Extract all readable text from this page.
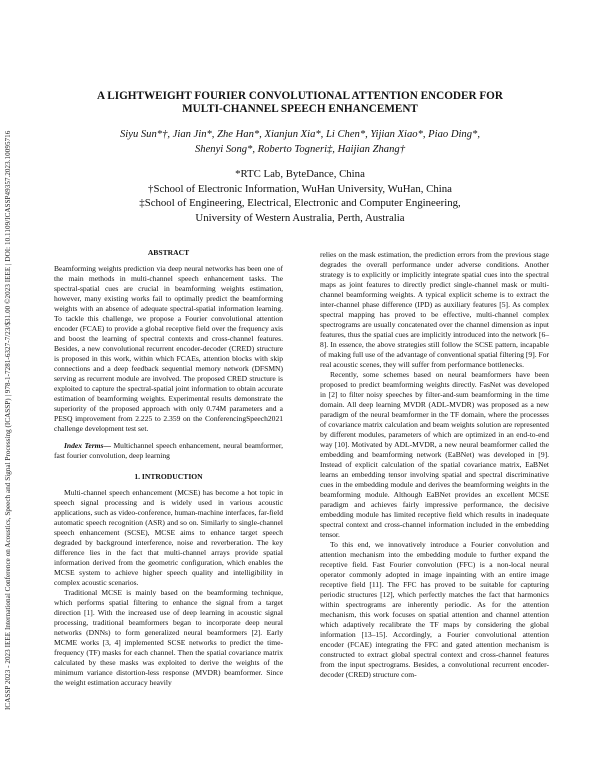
ICASSP 2023 - 2023 IEEE International Conference on Acoustics, Speech and Signal Processing (ICASSP) | 978-1-7281-6327-7/23/$31.00 ©2023 IEEE | DOI: 10.1109/ICASSP49357.2023.10095716
A LIGHTWEIGHT FOURIER CONVOLUTIONAL ATTENTION ENCODER FOR
MULTI-CHANNEL SPEECH ENHANCEMENT
Siyu Sun*†, Jian Jin*, Zhe Han*, Xianjun Xia*, Li Chen*, Yijian Xiao*, Piao Ding*,
Shenyi Song*, Roberto Togneri‡, Haijian Zhang†
*RTC Lab, ByteDance, China
†School of Electronic Information, WuHan University, WuHan, China
‡School of Engineering, Electrical, Electronic and Computer Engineering,
University of Western Australia, Perth, Australia
ABSTRACT

Beamforming weights prediction via deep neural networks has been one of the main methods in multi-channel speech enhancement tasks. The spectral-spatial cues are crucial in beamforming weights estimation, however, many existing works fail to optimally predict the beamforming weights with an absence of adequate spectral-spatial information learning. To tackle this challenge, we propose a Fourier convolutional attention encoder (FCAE) to provide a global receptive field over the frequency axis and boost the learning of spectral contexts and cross-channel features. Besides, a new convolutional recurrent encoder-decoder (CRED) structure is proposed in this work, within which FCAEs, attention blocks with skip connections and a deep feedback sequential memory network (DFSMN) serving as recurrent module are involved. The proposed CRED structure is exploited to capture the spectral-spatial joint information to obtain accurate estimation of beamforming weights. Experimental results demonstrate the superiority of the proposed approach with only 0.74M parameters and a PESQ improvement from 2.225 to 2.359 on the ConferencingSpeech2021 challenge development test set.

Index Terms— Multichannel speech enhancement, neural beamformer, fast fourier convolution, deep learning

1. INTRODUCTION

Multi-channel speech enhancement (MCSE) has become a hot topic in speech signal processing and is widely used in various acoustic applications, such as video-conference, human-machine interfaces, far-field automatic speech recognition (ASR) and so on. Similarly to single-channel speech enhancement (SCSE), MCSE aims to enhance target speech degraded by background interference, noise and reverberation. The key difference lies in the fact that multi-channel arrays provide spatial information derived from the geometric configuration, which enables the MCSE system to achieve higher speech quality and intelligibility in complex acoustic scenarios.

Traditional MCSE is mainly based on the beamforming technique, which performs spatial filtering to enhance the signal from a target direction [1]. With the increased use of deep learning in acoustic signal processing, traditional beamformers began to incorporate deep neural networks (DNNs) to form generalized neural beamformers [2]. Early MCME works [3, 4] implemented SCSE networks to predict the time-frequency (TF) masks for each channel. Then the spatial covariance matrix calculated by these masks was exploited to derive the weights of the minimum variance distortion-less response (MVDR) beamformer. Since the weight estimation accuracy heavily

relies on the mask estimation, the prediction errors from the previous stage degrades the overall performance under adverse conditions. Another strategy is to explicitly or implicitly integrate spatial cues into the spectral maps as joint features to directly predict single-channel mask or multi-channel beamforming weights. A typical explicit scheme is to extract the inter-channel phase difference (IPD) as auxiliary features [5]. As complex spectral mapping has proved to be effective, multi-channel complex spectrograms are usually concatenated over the channel dimension as input features, thus the spatial cues are implicitly introduced into the network [6–8]. In essence, the above strategies still follow the SCSE pattern, incapable of making full use of the advantage of conventional spatial filtering [9]. For real acoustic scenes, they will suffer from performance bottlenecks.

Recently, some schemes based on neural beamformers have been proposed to predict beamforming weights directly. FasNet was developed in [2] to filter noisy speeches by filter-and-sum beamforming in the time domain. All deep learning MVDR (ADL-MVDR) was proposed as a new paradigm of the neural beamformer in the TF domain, where the processes of covariance matrix calculation and beam weights solution are represented by different modules, parameters of which are optimized in an end-to-end way [10]. Motivated by ADL-MVDR, a new neural beamformer called the embedding and beamforming network (EaBNet) was developed in [9]. Instead of explicit calculation of the spatial covariance matrix, EaBNet learns an embedding tensor involving spatial and spectral discriminative cues in the embedding module and derives the beamforming weights in the beamforming module. Although EaBNet provides an excellent MCSE paradigm and achieves fairly impressive performance, the decisive embedding module has limited receptive field which results in inadequate spectral context and cross-channel information included in the embedding tensor.

To this end, we innovatively introduce a Fourier convolution and attention mechanism into the embedding module to further expand the receptive field. Fast Fourier convolution (FFC) is a non-local neural operator commonly adopted in image inpainting with an entire image receptive field [11]. The FFC has proved to be suitable for capturing periodic structures [12], which perfectly matches the fact that harmonics within spectrograms are inherently periodic. As for the attention mechanism, this work focuses on spatial attention and channel attention which adaptively recalibrate the TF maps by considering the global information [13–15]. Accordingly, a Fourier convolutional attention encoder (FCAE) integrating the FFC and gated attention mechanism is constructed to extract global spectral context and cross-channel features from the input spectrograms. Besides, a convolutional recurrent encoder-decoder (CRED) structure com-
